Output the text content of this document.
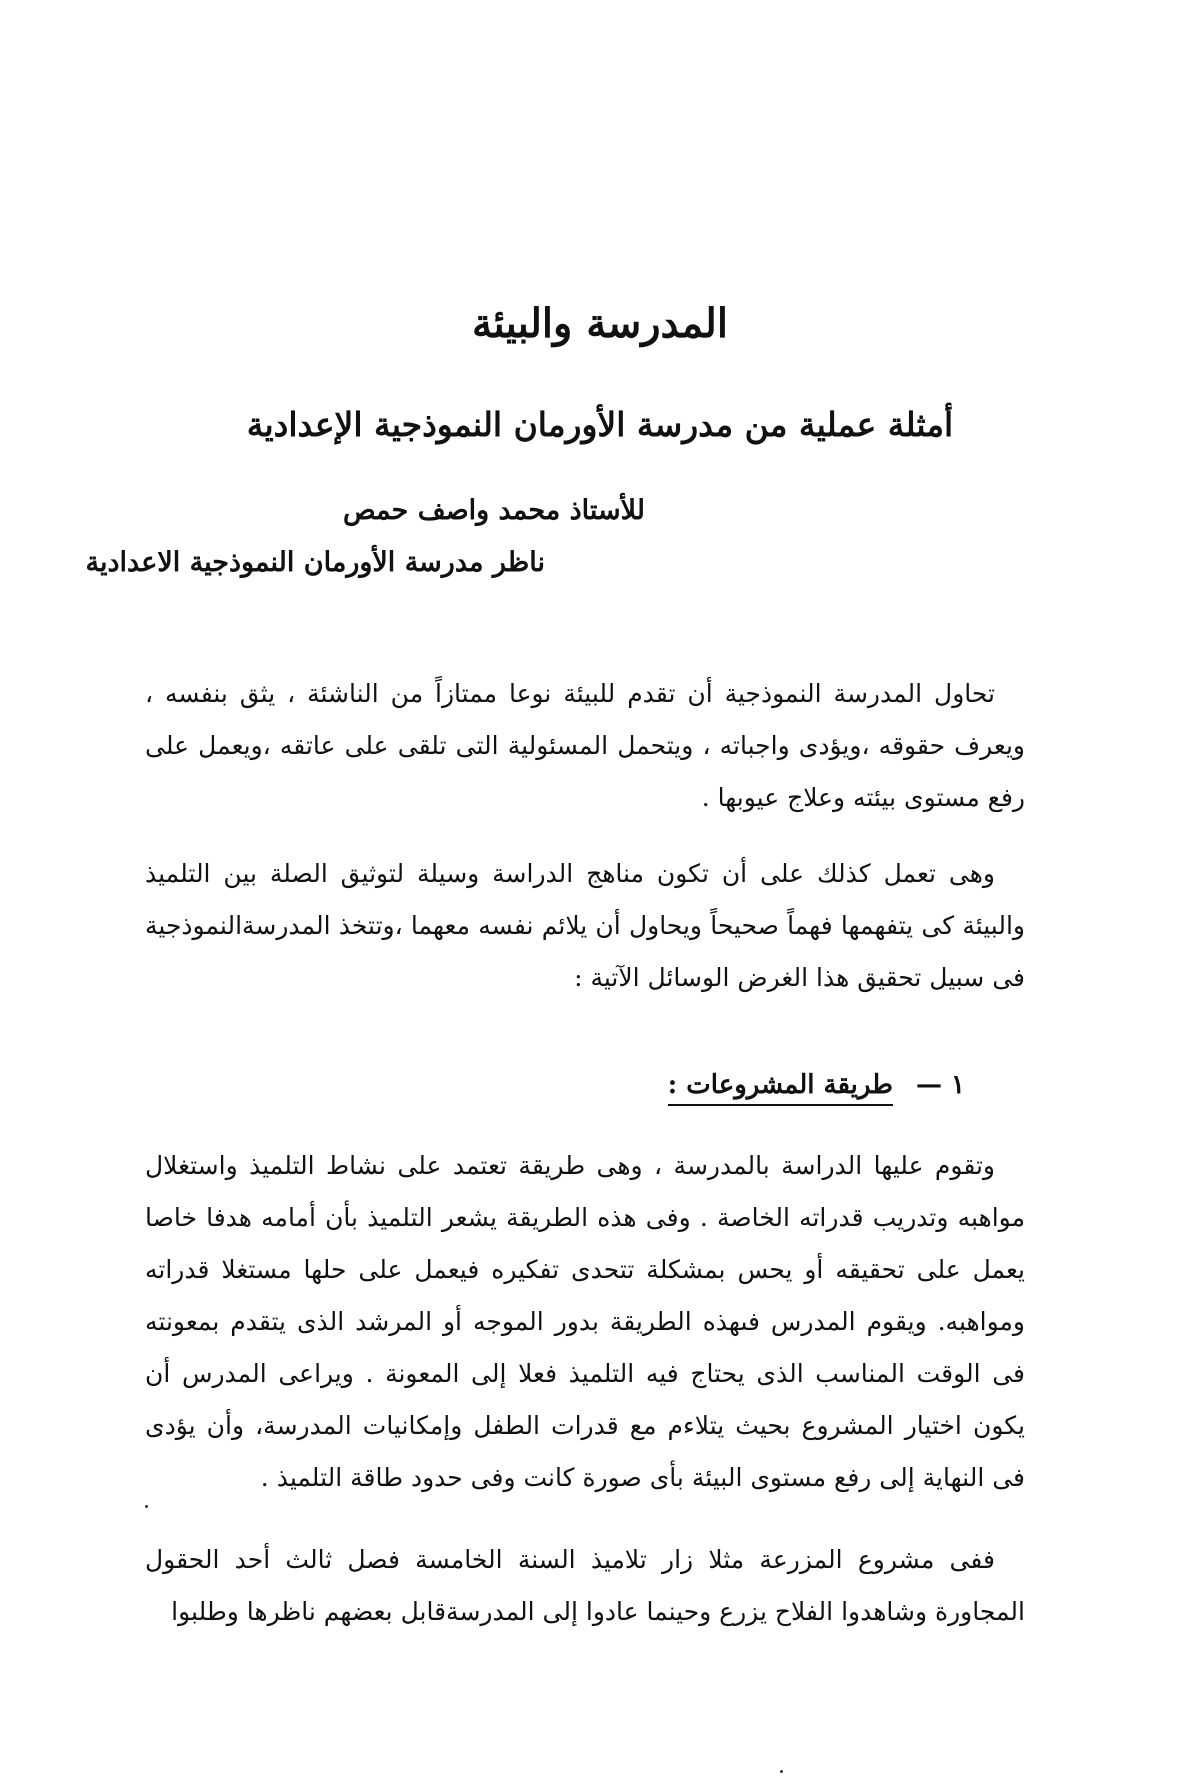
المدرسة والبيئة
أمثلة عملية من مدرسة الأورمان النموذجية الإعدادية

للأستاذ محمد واصف حمص

ناظر مدرسة الأورمان النموذجية الاعدادية

تحاول المدرسة النموذجية أن تقدم للبيئة نوعا ممتازاً من الناشئة ، يثق بنفسه ، ويعرف حقوقه ،ويؤدى واجباته ، ويتحمل المسئولية التى تلقى على عاتقه ،ويعمل على رفع مستوى بيئته وعلاج عيوبها .

وهى تعمل كذلك على أن تكون مناهج الدراسة وسيلة لتوثيق الصلة بين التلميذ والبيئة كى يتفهمها فهماً صحيحاً ويحاول أن يلائم نفسه معهما ،وتتخذ المدرسةالنموذجية فى سبيل تحقيق هذا الغرض الوسائل الآتية :

١ — طريقة المشروعات :

وتقوم عليها الدراسة بالمدرسة ، وهى طريقة تعتمد على نشاط التلميذ واستغلال مواهبه وتدريب قدراته الخاصة . وفى هذه الطريقة يشعر التلميذ بأن أمامه هدفا خاصا يعمل على تحقيقه أو يحس بمشكلة تتحدى تفكيره فيعمل على حلها مستغلا قدراته ومواهبه. ويقوم المدرس فىهذه الطريقة بدور الموجه أو المرشد الذى يتقدم بمعونته فى الوقت المناسب الذى يحتاج فيه التلميذ فعلا إلى المعونة . ويراعى المدرس أن يكون اختيار المشروع بحيث يتلاءم مع قدرات الطفل وإمكانيات المدرسة، وأن يؤدى فى النهاية إلى رفع مستوى البيئة بأى صورة كانت وفى حدود طاقة التلميذ .

ففى مشروع المزرعة مثلا زار تلاميذ السنة الخامسة فصل ثالث أحد الحقول المجاورة وشاهدوا الفلاح يزرع وحينما عادوا إلى المدرسةقابل بعضهم ناظرها وطلبوا
